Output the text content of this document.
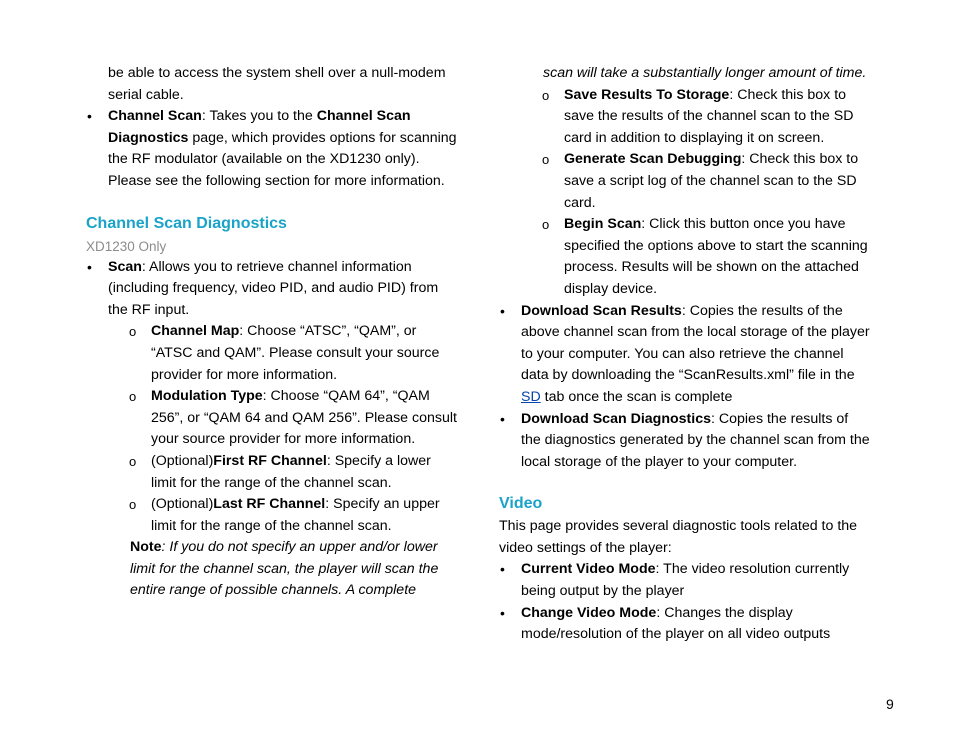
be able to access the system shell over a null-modem serial cable.

Channel Scan: Takes you to the Channel Scan Diagnostics page, which provides options for scanning the RF modulator (available on the XD1230 only). Please see the following section for more information.
Channel Scan Diagnostics
XD1230 Only
Scan: Allows you to retrieve channel information (including frequency, video PID, and audio PID) from the RF input.
o Channel Map: Choose “ATSC”, “QAM”, or “ATSC and QAM”. Please consult your source provider for more information.
o Modulation Type: Choose “QAM 64”, “QAM 256”, or “QAM 64 and QAM 256”. Please consult your source provider for more information.
o (Optional)First RF Channel: Specify a lower limit for the range of the channel scan.
o (Optional)Last RF Channel: Specify an upper limit for the range of the channel scan.

Note: If you do not specify an upper and/or lower limit for the channel scan, the player will scan the entire range of possible channels. A complete

scan will take a substantially longer amount of time.

o Save Results To Storage: Check this box to save the results of the channel scan to the SD card in addition to displaying it on screen.
o Generate Scan Debugging: Check this box to save a script log of the channel scan to the SD card.
o Begin Scan: Click this button once you have specified the options above to start the scanning process. Results will be shown on the attached display device.
Download Scan Results: Copies the results of the above channel scan from the local storage of the player to your computer. You can also retrieve the channel data by downloading the “ScanResults.xml” file in the SD tab once the scan is complete
Download Scan Diagnostics: Copies the results of the diagnostics generated by the channel scan from the local storage of the player to your computer.
Video

This page provides several diagnostic tools related to the video settings of the player:

Current Video Mode: The video resolution currently being output by the player
Change Video Mode: Changes the display mode/resolution of the player on all video outputs
9
